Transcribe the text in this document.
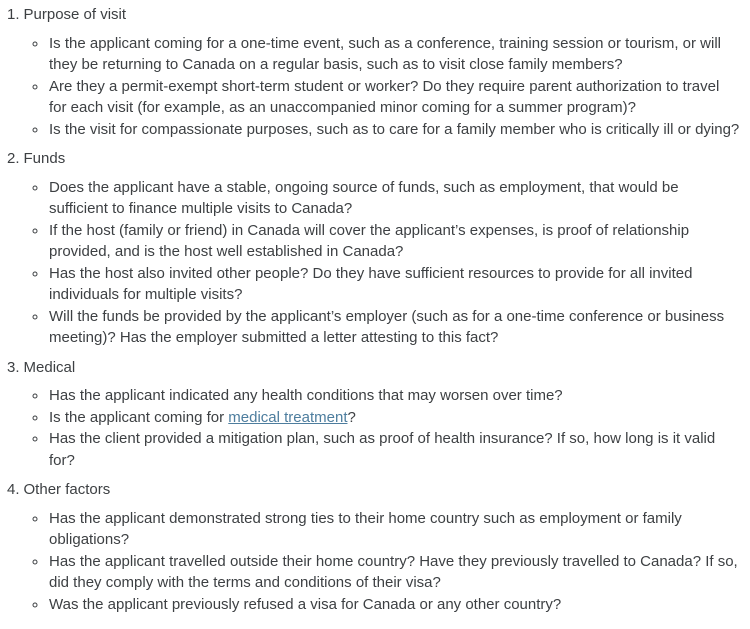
1. Purpose of visit
◦ Is the applicant coming for a one-time event, such as a conference, training session or tourism, or will they be returning to Canada on a regular basis, such as to visit close family members?
◦ Are they a permit-exempt short-term student or worker? Do they require parent authorization to travel for each visit (for example, as an unaccompanied minor coming for a summer program)?
◦ Is the visit for compassionate purposes, such as to care for a family member who is critically ill or dying?
2. Funds
◦ Does the applicant have a stable, ongoing source of funds, such as employment, that would be sufficient to finance multiple visits to Canada?
◦ If the host (family or friend) in Canada will cover the applicant’s expenses, is proof of relationship provided, and is the host well established in Canada?
◦ Has the host also invited other people? Do they have sufficient resources to provide for all invited individuals for multiple visits?
◦ Will the funds be provided by the applicant’s employer (such as for a one-time conference or business meeting)? Has the employer submitted a letter attesting to this fact?
3. Medical
◦ Has the applicant indicated any health conditions that may worsen over time?
◦ Is the applicant coming for medical treatment?
◦ Has the client provided a mitigation plan, such as proof of health insurance? If so, how long is it valid for?
4. Other factors
◦ Has the applicant demonstrated strong ties to their home country such as employment or family obligations?
◦ Has the applicant travelled outside their home country? Have they previously travelled to Canada? If so, did they comply with the terms and conditions of their visa?
◦ Was the applicant previously refused a visa for Canada or any other country?
